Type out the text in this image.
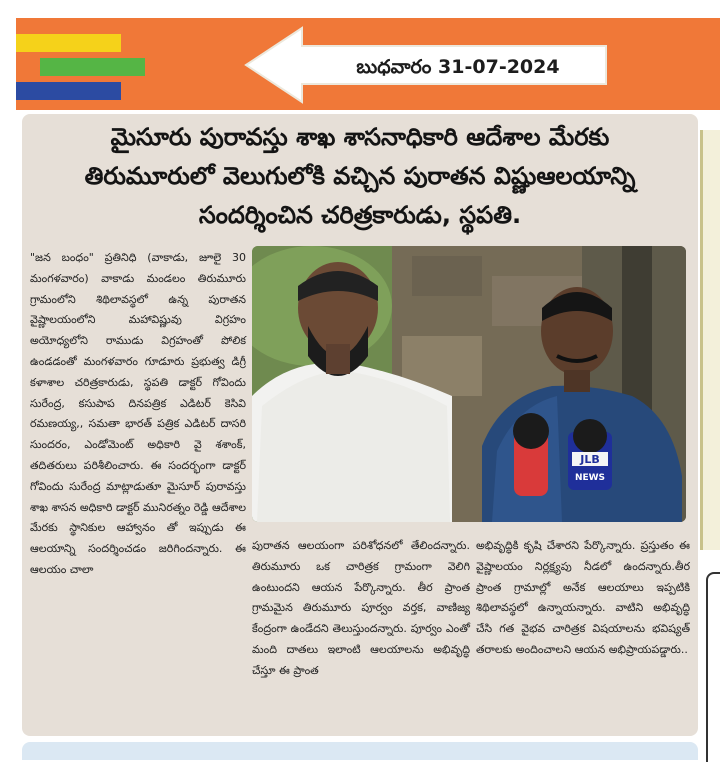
బుధవారం 31-07-2024
మైసూరు పురావస్తు శాఖ శాసనాధికారి ఆదేశాల మేరకు
తిరుమూరులో వెలుగులోకి వచ్చిన పురాతన విష్ణుఆలయాన్ని
సందర్శించిన చరిత్రకారుడు, స్థపతి.
"జన బంధం" ప్రతినిధి (వాకాడు, జూలై 30 మంగళవారం) వాకాడు మండలం తిరుమూరు గ్రామంలోని శిథిలావస్థలో ఉన్న పురాతన వైష్ణాలయంలోని మహావిష్ణువు విగ్రహం అయోధ్యలోని రాముడు విగ్రహంతో పోలిక ఉండడంతో మంగళవారం గూడూరు ప్రభుత్వ డిగ్రీ కళాశాల చరిత్రకారుడు, స్థపతి డాక్టర్ గోవిందు సురేంద్ర, కసుపాప దినపత్రిక ఎడిటర్ కెసివి రమణయ్య,, సమతా భారత్ పత్రిక ఎడిటర్ దాసరి సుందరం, ఎండోమెంట్ అధికారి వై శశాంక్, తదితరులు పరిశీలించారు. ఈ సందర్భంగా డాక్టర్ గోవిందు సురేంద్ర మాట్లాడుతూ మైసూర్ పురావస్తు శాఖ శాసన అధికారి డాక్టర్ మునిరత్నం రెడ్డి ఆదేశాల మేరకు స్థానికుల ఆహ్వానం తో ఇప్పుడు ఈ ఆలయాన్ని సందర్శించడం జరిగిందన్నారు. ఈ ఆలయం చాలా
JLB
NEWS
పురాతన ఆలయంగా పరిశోధనలో తేలిందన్నారు. తిరుమూరు ఒక చారిత్రక గ్రామంగా వెలిగి ఉంటుందని ఆయన పేర్కొన్నారు. తీర ప్రాంత గ్రామమైన తిరుమూరు పూర్వం వర్తక, వాణిజ్య కేంద్రంగా ఉండేదని తెలుస్తుందన్నారు. పూర్వం ఎంతో మంది దాతలు ఇలాంటి ఆలయాలను అభివృద్ధి చేస్తూ ఈ ప్రాంత
అభివృద్ధికి కృషి చేశారని పేర్కొన్నారు. ప్రస్తుతం ఈ వైష్ణాలయం నిర్లక్ష్యపు నీడలో ఉందన్నారు.తీర ప్రాంత గ్రామాల్లో అనేక ఆలయాలు ఇప్పటికి శిథిలావస్థలో ఉన్నాయన్నారు. వాటిని అభివృద్ధి చేసి గత వైభవ చారిత్రక విషయాలను భవిష్యత్ తరాలకు అందించాలని ఆయన అభిప్రాయపడ్డారు..
